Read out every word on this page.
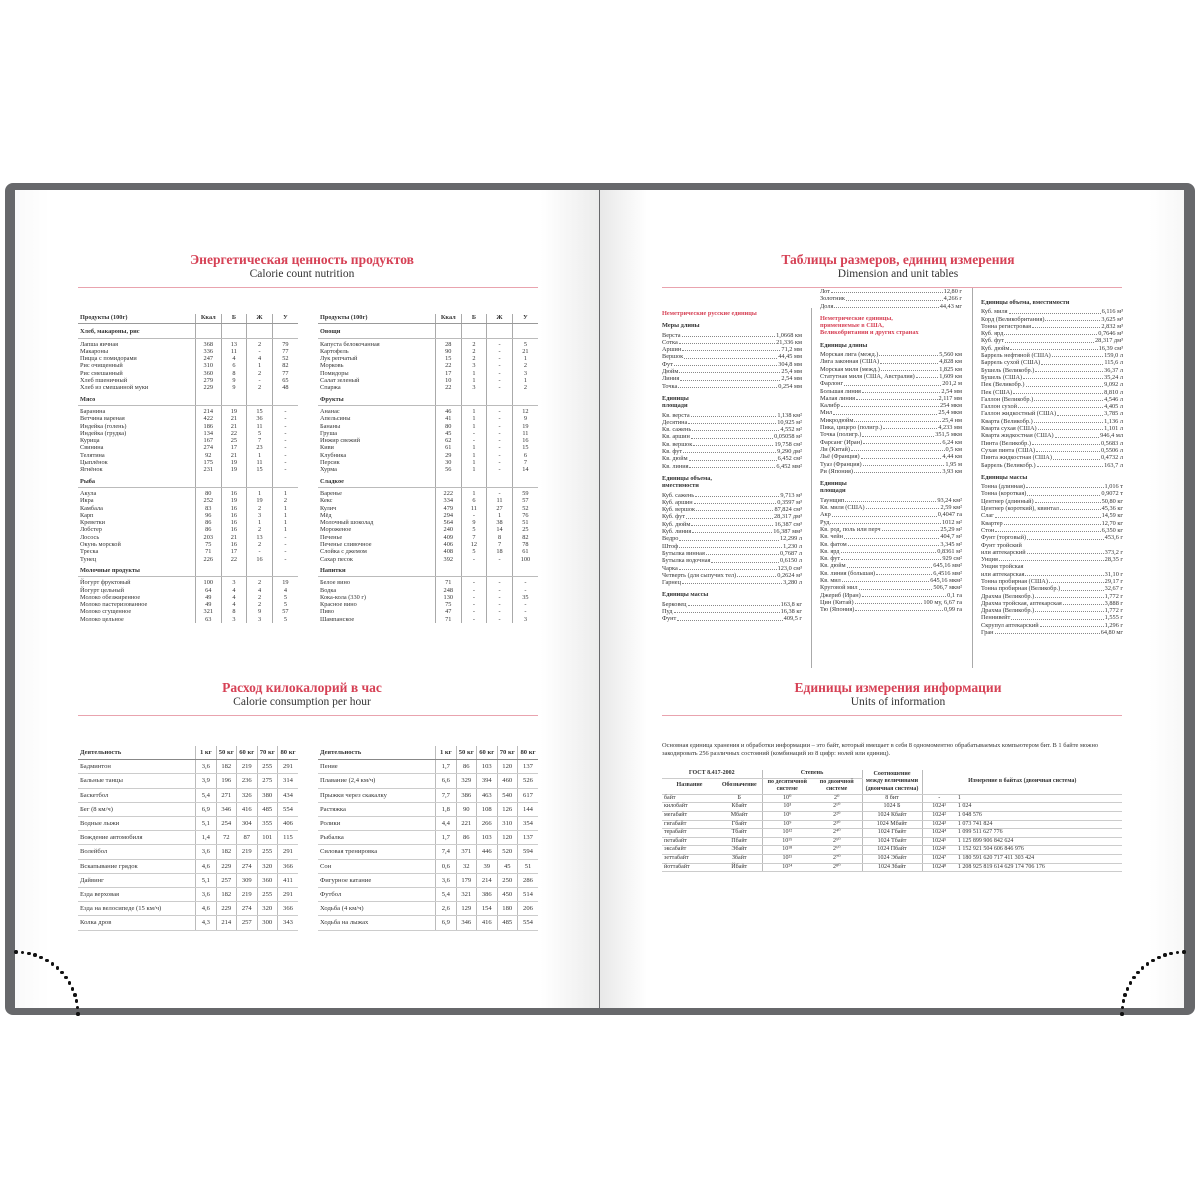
Энергетическая ценность продуктов
Calorie count nutrition
Продукты (100г)	Ккал	Б	Ж	У
Хлеб, макароны, рис				
Лапша яичная	368	13	2	79
Макароны	336	11	-	77
Пицца с помидорами	247	4	4	52
Рис очищенный	310	6	1	82
Рис смешанный	360	8	2	77
Хлеб пшеничный	279	9	-	65
Хлеб из смешанной муки	229	9	2	48
Мясо				
Баранина	214	19	15	-
Ветчина вареная	422	21	36	-
Индейка (голень)	186	21	11	-
Индейка (грудка)	134	22	5	-
Курица	167	25	7	-
Свинина	274	17	23	-
Телятина	92	21	1	-
Цыплёнок	175	19	11	-
Ягнёнок	231	19	15	-
Рыба				
Акула	80	16	1	1
Икра	252	19	19	2
Камбала	83	16	2	1
Карп	96	16	3	1
Креветки	86	16	1	1
Лобстер	86	16	2	1
Лосось	203	21	13	-
Окунь морской	75	16	2	-
Треска	71	17	-	-
Тунец	226	22	16	-
Молочные продукты				
Йогурт фруктовый	100	3	2	19
Йогурт цельный	64	4	4	4
Молоко обезжиренное	49	4	2	5
Молоко пастеризованное	49	4	2	5
Молоко сгущенное	321	8	9	57
Молоко цельное	63	3	3	5
Продукты (100г)	Ккал	Б	Ж	У
Овощи				
Капуста белокочанная	28	2	-	5
Картофель	90	2	-	21
Лук репчатый	15	2	-	1
Морковь	22	3	-	2
Помидоры	17	1	-	3
Салат зеленый	10	1	-	1
Спаржа	22	3	-	2
Фрукты				
Ананас	46	1	-	12
Апельсины	41	1	-	9
Бананы	80	1	-	19
Груша	45	-	-	11
Инжир свежий	62	-	-	16
Киви	61	1	-	15
Клубника	29	1	-	6
Персик	30	1	-	7
Хурма	56	1	-	14
Сладкое				
Варенье	222	1	-	59
Кекс	334	6	11	57
Кулич	479	11	27	52
Мёд	294	-	1	76
Молочный шоколад	564	9	38	51
Мороженое	240	5	14	25
Печенье	409	7	8	82
Печенье сливочное	406	12	7	78
Слойка с джемом	408	5	18	61
Сахар песок	392	-	-	100
Напитки				
Белое вино	71	-	-	-
Водка	248	-	-	-
Кока-кола (330 г)	130	-	-	35
Красное вино	75	-	-	-
Пиво	47	-	-	-
Шампанское	71	-	-	3
Расход килокалорий в час
Calorie consumption per hour
Деятельность	1 кг	50 кг	60 кг	70 кг	80 кг
Бадминтон	3,6	182	219	255	291
Бальные танцы	3,9	196	236	275	314
Баскетбол	5,4	271	326	380	434
Бег (8 км/ч)	6,9	346	416	485	554
Водные лыжи	5,1	254	304	355	406
Вождение автомобиля	1,4	72	87	101	115
Волейбол	3,6	182	219	255	291
Вскапывание грядок	4,6	229	274	320	366
Дайвинг	5,1	257	309	360	411
Езда верховая	3,6	182	219	255	291
Езда на велосипеде (15 км/ч)	4,6	229	274	320	366
Колка дров	4,3	214	257	300	343
Деятельность	1 кг	50 кг	60 кг	70 кг	80 кг
Пение	1,7	86	103	120	137
Плавание (2,4 км/ч)	6,6	329	394	460	526
Прыжки через скакалку	7,7	386	463	540	617
Растяжка	1,8	90	108	126	144
Ролики	4,4	221	266	310	354
Рыбалка	1,7	86	103	120	137
Силовая тренировка	7,4	371	446	520	594
Сон	0,6	32	39	45	51
Фигурное катание	3,6	179	214	250	286
Футбол	5,4	321	386	450	514
Ходьба (4 км/ч)	2,6	129	154	180	206
Ходьба на лыжах	6,9	346	416	485	554
Таблицы размеров, единиц измерения
Dimension and unit tables
Неметрические русские единицы
Меры длины
Верста	1,0668 км
Сотка	21,336 км
Аршин	71,2 мм
Вершок	44,45 мм
Фут	304,8 мм
Дюйм	25,4 мм
Линия	2,54 мм
Точка	0,254 мм
Единицы
площади
Кв. верста	1,138 км²
Десятина	10,925 м²
Кв. сажень	4,552 м²
Кв. аршин	0,05058 м²
Кв. вершок	19,758 см²
Кв. фут	9,290 дм²
Кв. дюйм	6,452 см²
Кв. линия	6,452 мм²
Единицы объема,
вместимости
Куб. сажень	9,713 м³
Куб. аршин	0,3597 м³
Куб. вершок	87,824 см³
Куб. фут	28,317 дм³
Куб. дюйм	16,387 см³
Куб. линия	16,387 мм³
Ведро	12,299 л
Штоф	1,230 л
Бутылка винная	0,7687 л
Бутылка водочная	0,6150 л
Чарка	123,0 см³
Четверть (для сыпучих тел)	0,2624 м³
Гарнец	3,280 л
Единицы массы
Берковец	163,8 кг
Пуд	16,38 кг
Фунт	409,5 г
Лот	12,80 г
Золотник	4,266 г
Доля	44,43 мг
Неметрические единицы,
применяемые в США,
Великобритании и других странах
Единицы длины
Морская лига (межд.)	5,560 км
Лига законная (США)	4,828 км
Морская миля (межд.)	1,825 км
Статутная миля (США, Австралия)	1,609 км
Фарлонг	201,2 м
Большая линия	2,54 мм
Малая линия	2,117 мм
Калибр	254 мкм
Мил	25,4 мкм
Микродюйм	25,4 нм
Пика, цицеро (полигр.)	4,233 мм
Точка (полигр.)	351,5 мкм
Фарсанг (Иран)	6,24 км
Ли (Китай)	0,5 км
Льё (Франция)	4,44 км
Туаз (Франция)	1,95 м
Ри (Япония)	3,93 км
Единицы
площади
Таунщип	93,24 км²
Кв. миля (США)	2,59 км²
Акр	0,4047 га
Руд	1012 м²
Кв. род, поль или перч	25,29 м²
Кв. чейн	404,7 м²
Кв. фатом	3,345 м²
Кв. ярд	0,8361 м²
Кв. фут	929 см²
Кв. дюйм	645,16 мм²
Кв. линия (большая)	6,4516 мм²
Кв. мил	645,16 мкм²
Круговой мил	506,7 мкм²
Джериб (Иран)	0,1 га
Цин (Китай)	100 му, 6,67 га
Тю (Япония)	0,99 га
Единицы объема, вместимости
Куб. миля	6,116 м³
Корд (Великобритания)	3,625 м³
Тонна регистровая	2,832 м³
Куб. ярд	0,7646 м³
Куб. фут	28,317 дм³
Куб. дюйм	16,39 см³
Баррель нефтяной (США)	159,0 л
Баррель сухой (США)	115,6 л
Бушель (Великобр.)	36,37 л
Бушель (США)	35,24 л
Пек (Великобр.)	9,092 л
Пек (США)	8,810 л
Галлон (Великобр.)	4,546 л
Галлон сухой	4,405 л
Галлон жидкостный (США)	3,785 л
Кварта (Великобр.)	1,136 л
Кварта сухая (США)	1,101 л
Кварта жидкостная (США)	946,4 мл
Пинта (Великобр.)	0,5683 л
Сухая пинта (США)	0,5506 л
Пинта жидкостная (США)	0,4732 л
Баррель (Великобр.)	163,7 л
Единицы массы
Тонна (длинная)	1,016 т
Тонна (короткая)	0,9072 т
Центнер (длинный)	50,80 кг
Центнер (короткий), квинтал	45,36 кг
Слаг	14,59 кг
Квартер	12,70 кг
Стон	6,350 кг
Фунт (торговый)	453,6 г
Фунт тройский
или аптекарский	373,2 г
Унция	28,35 г
Унция тройская
или аптекарская	31,10 г
Тонна пробирная (США)	29,17 г
Тонна пробирная (Великобр.)	32,67 г
Драхма (Великобр.)	1,772 г
Драхма тройская, аптекарская	3,888 г
Драхма (Великобр.)	1,772 г
Пеннивейт	1,555 г
Скрупул аптекарский	1,296 г
Гран	64,80 мг
Единицы измерения информации
Units of information
Основная единица хранения и обработки информации – это байт, который вмещает в себя 8 одномоментно обрабатываемых компьютером бит. В 1 байте можно закодировать 256 различных состояний (комбинаций из 8 цифр: нолей или единиц).
ГОСТ 8.417-2002		Степень		Соотношение между величинами (двоичная система)	Измерение в байтах (двоичная система)	
Название	Обозначение	по десятичной системе	по двоичной системе			
байт	Б	10⁰	2⁰	8 бит	-	1
килобайт	Кбайт	10³	2¹⁰	1024 Б	1024¹	1 024
мегабайт	Мбайт	10⁶	2²⁰	1024 Кбайт	1024²	1 048 576
гигабайт	Гбайт	10⁹	2³⁰	1024 Мбайт	1024³	1 073 741 824
терабайт	Тбайт	10¹²	2⁴⁰	1024 Гбайт	1024⁴	1 099 511 627 776
петабайт	Пбайт	10¹⁵	2⁵⁰	1024 Тбайт	1024⁵	1 125 899 906 842 624
эксабайт	Эбайт	10¹⁸	2⁶⁰	1024 Пбайт	1024⁶	1 152 921 504 606 846 976
зеттабайт	Збайт	10²¹	2⁷⁰	1024 Эбайт	1024⁷	1 180 591 620 717 411 303 424
йоттабайт	Йбайт	10²⁴	2⁸⁰	1024 Збайт	1024⁸	1 208 925 819 614 629 174 706 176
